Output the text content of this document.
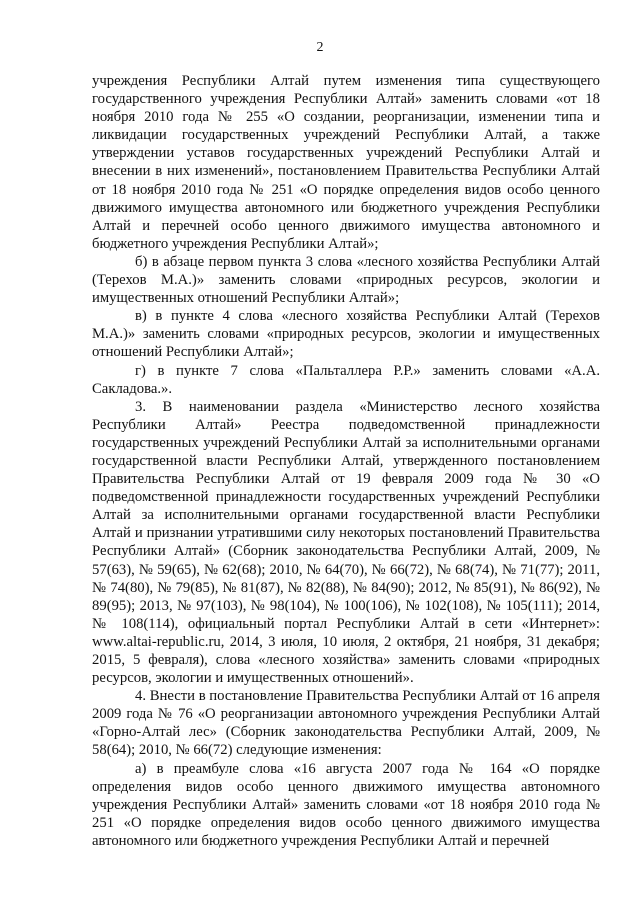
2

учреждения Республики Алтай путем изменения типа существующего государственного учреждения Республики Алтай» заменить словами «от 18 ноября 2010 года № 255 «О создании, реорганизации, изменении типа и ликвидации государственных учреждений Республики Алтай, а также утверждении уставов государственных учреждений Республики Алтай и внесении в них изменений», постановлением Правительства Республики Алтай от 18 ноября 2010 года № 251 «О порядке определения видов особо ценного движимого имущества автономного или бюджетного учреждения Республики Алтай и перечней особо ценного движимого имущества автономного и бюджетного учреждения Республики Алтай»;

б) в абзаце первом пункта 3 слова «лесного хозяйства Республики Алтай (Терехов М.А.)» заменить словами «природных ресурсов, экологии и имущественных отношений Республики Алтай»;

в) в пункте 4 слова «лесного хозяйства Республики Алтай (Терехов М.А.)» заменить словами «природных ресурсов, экологии и имущественных отношений Республики Алтай»;

г) в пункте 7 слова «Пальталлера Р.Р.» заменить словами «А.А. Сакладова.».

3. В наименовании раздела «Министерство лесного хозяйства Республики Алтай» Реестра подведомственной принадлежности государственных учреждений Республики Алтай за исполнительными органами государственной власти Республики Алтай, утвержденного постановлением Правительства Республики Алтай от 19 февраля 2009 года № 30 «О подведомственной принадлежности государственных учреждений Республики Алтай за исполнительными органами государственной власти Республики Алтай и признании утратившими силу некоторых постановлений Правительства Республики Алтай» (Сборник законодательства Республики Алтай, 2009, № 57(63), № 59(65), № 62(68); 2010, № 64(70), № 66(72), № 68(74), № 71(77); 2011, № 74(80), № 79(85), № 81(87), № 82(88), № 84(90); 2012, № 85(91), № 86(92), № 89(95); 2013, № 97(103), № 98(104), № 100(106), № 102(108), № 105(111); 2014, № 108(114), официальный портал Республики Алтай в сети «Интернет»: www.altai-republic.ru, 2014, 3 июля, 10 июля, 2 октября, 21 ноября, 31 декабря; 2015, 5 февраля), слова «лесного хозяйства» заменить словами «природных ресурсов, экологии и имущественных отношений».

4. Внести в постановление Правительства Республики Алтай от 16 апреля 2009 года № 76 «О реорганизации автономного учреждения Республики Алтай «Горно-Алтай лес» (Сборник законодательства Республики Алтай, 2009, № 58(64); 2010, № 66(72) следующие изменения:

а) в преамбуле слова «16 августа 2007 года № 164 «О порядке определения видов особо ценного движимого имущества автономного учреждения Республики Алтай» заменить словами «от 18 ноября 2010 года № 251 «О порядке определения видов особо ценного движимого имущества автономного или бюджетного учреждения Республики Алтай и перечней
